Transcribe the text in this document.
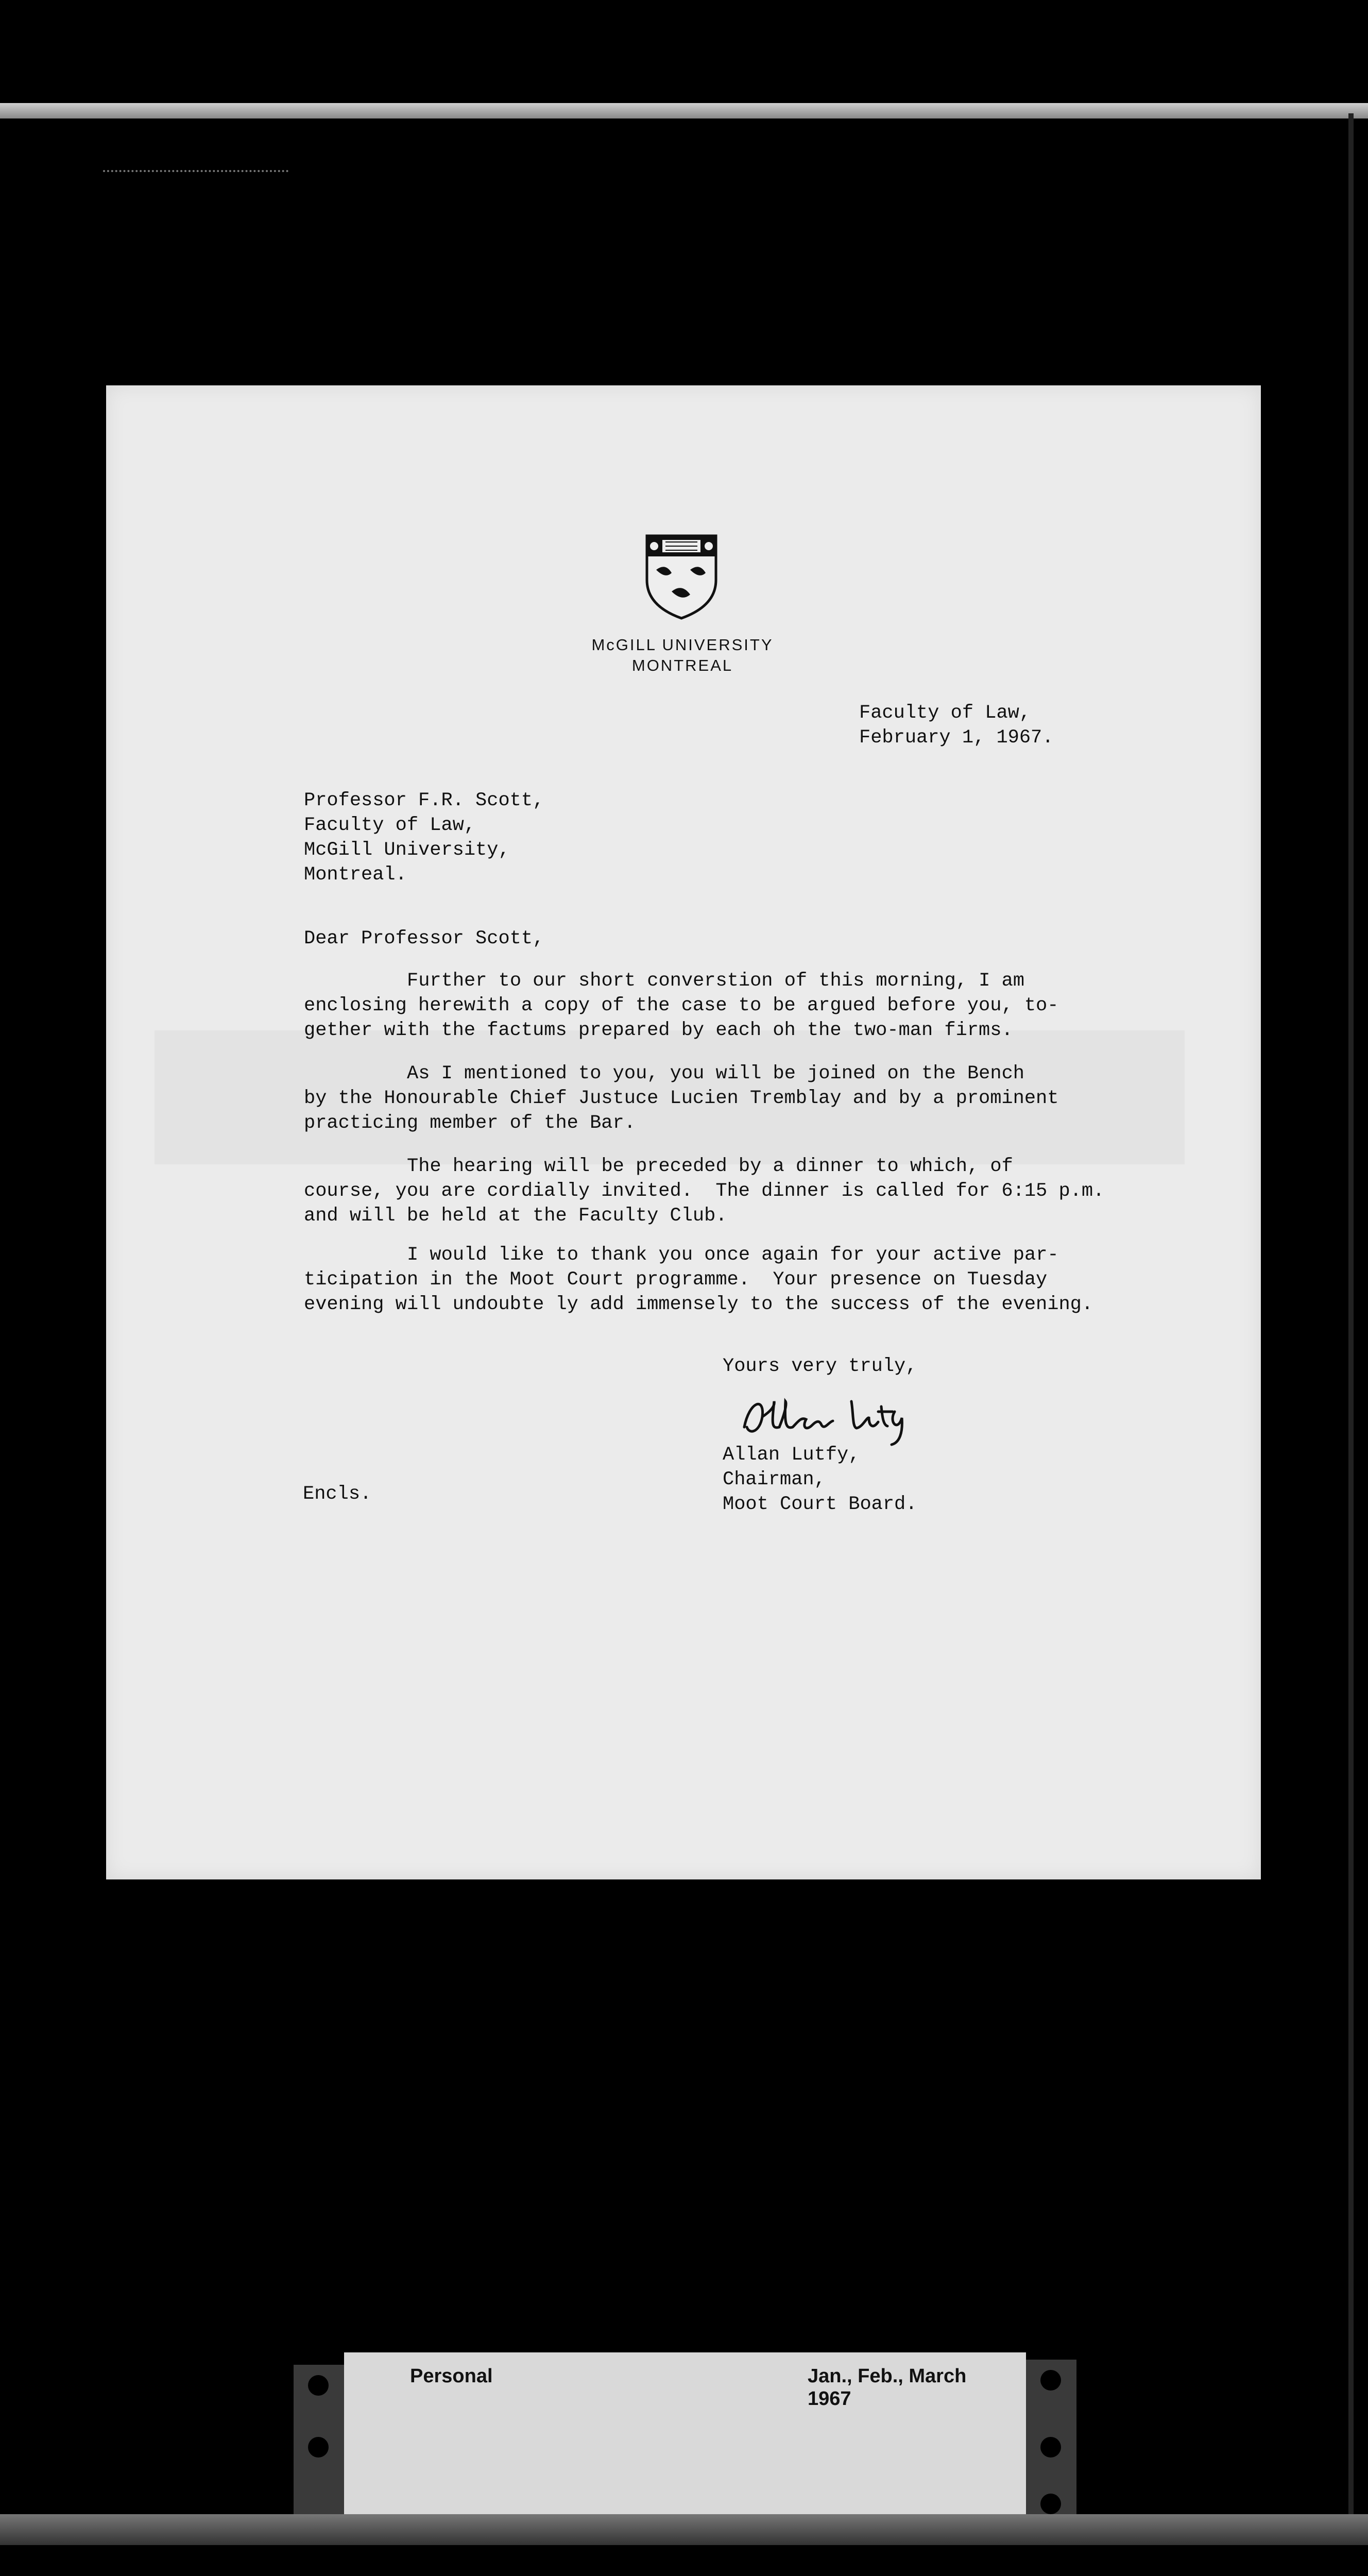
McGILL UNIVERSITY
MONTREAL
Faculty of Law,
February 1, 1967.
Professor F.R. Scott,
Faculty of Law,
McGill University,
Montreal.
Dear Professor Scott,
Further to our short converstion of this morning, I am
enclosing herewith a copy of the case to be argued before you, to-
gether with the factums prepared by each oh the two-man firms.
As I mentioned to you, you will be joined on the Bench
by the Honourable Chief Justuce Lucien Tremblay and by a prominent
practicing member of the Bar.
The hearing will be preceded by a dinner to which, of
course, you are cordially invited.  The dinner is called for 6:15 p.m.
and will be held at the Faculty Club.
I would like to thank you once again for your active par-
ticipation in the Moot Court programme.  Your presence on Tuesday
evening will undoubte ly add immensely to the success of the evening.
Yours very truly,
Allan Lutfy,
Chairman,
Moot Court Board.
Encls.
Personal	Jan., Feb., March
1967
